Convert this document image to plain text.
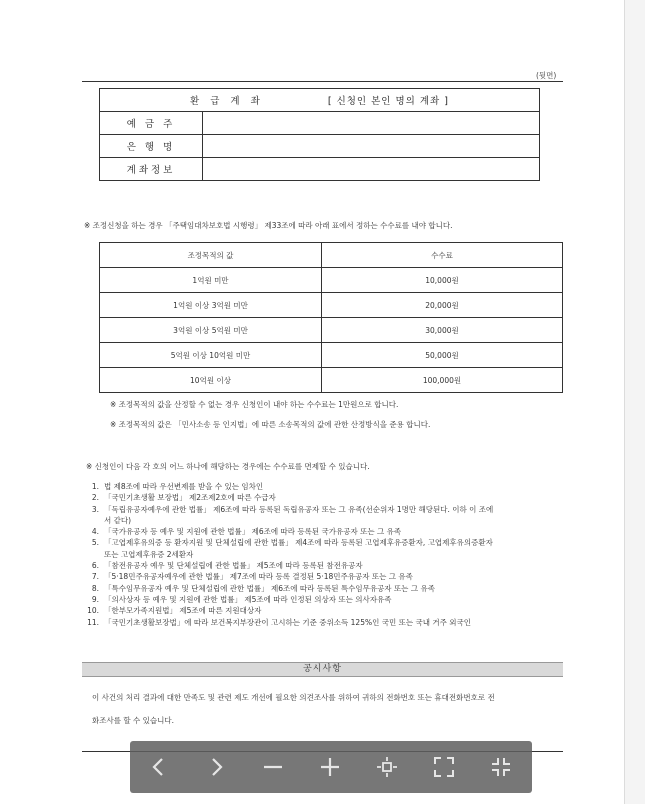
(뒷면)
환 급 계 좌 [ 신청인 본인 명의 계좌 ]	
예 금 주	
은 행 명	
계좌정보	
※ 조정신청을 하는 경우 「주택임대차보호법 시행령」 제33조에 따라 아래 표에서 정하는 수수료를 내야 합니다.
조정목적의 값	수수료
1억원 미만	10,000원
1억원 이상 3억원 미만	20,000원
3억원 이상 5억원 미만	30,000원
5억원 이상 10억원 미만	50,000원
10억원 이상	100,000원
※ 조정목적의 값을 산정할 수 없는 경우 신청인이 내야 하는 수수료는 1만원으로 합니다.
※ 조정목적의 값은 「민사소송 등 인지법」에 따른 소송목적의 값에 관한 산정방식을 준용 합니다.
※ 신청인이 다음 각 호의 어느 하나에 해당하는 경우에는 수수료를 면제할 수 있습니다.
1. 법 제8조에 따라 우선변제를 받을 수 있는 임차인
2. 「국민기초생활 보장법」 제2조제2호에 따른 수급자
3. 「독립유공자예우에 관한 법률」 제6조에 따라 등록된 독립유공자 또는 그 유족(선순위자 1명만 해당된다. 이하 이 조에
서 같다)
4. 「국가유공자 등 예우 및 지원에 관한 법률」 제6조에 따라 등록된 국가유공자 또는 그 유족
5. 「고엽제후유의증 등 환자지원 및 단체설립에 관한 법률」 제4조에 따라 등록된 고엽제후유증환자, 고엽제후유의증환자
또는 고엽제후유증 2세환자
6. 「참전유공자 예우 및 단체설립에 관한 법률」 제5조에 따라 등록된 참전유공자
7. 「5·18민주유공자예우에 관한 법률」 제7조에 따라 등록 결정된 5·18민주유공자 또는 그 유족
8. 「특수임무유공자 예우 및 단체설립에 관한 법률」 제6조에 따라 등록된 특수임무유공자 또는 그 유족
9. 「의사상자 등 예우 및 지원에 관한 법률」 제5조에 따라 인정된 의상자 또는 의사자유족
10. 「한부모가족지원법」 제5조에 따른 지원대상자
11. 「국민기초생활보장법」에 따라 보건복지부장관이 고시하는 기준 중위소득 125%인 국민 또는 국내 거주 외국인
공시사항
이 사건의 처리 결과에 대한 만족도 및 관련 제도 개선에 필요한 의견조사를 위하여 귀하의 전화번호 또는 휴대전화번호로 전
화조사를 할 수 있습니다.
